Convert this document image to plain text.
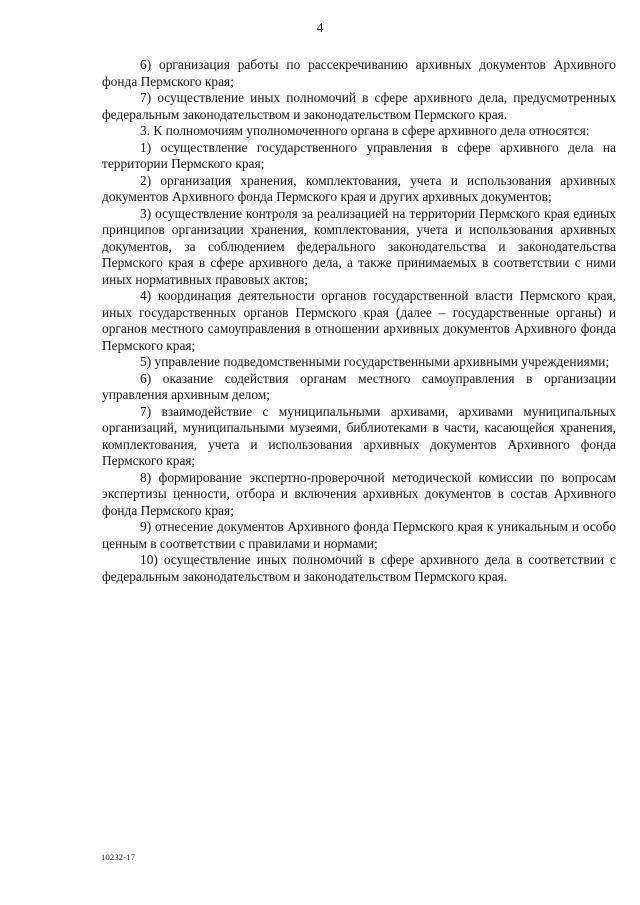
4

6) организация работы по рассекречиванию архивных документов Архивного фонда Пермского края;

7) осуществление иных полномочий в сфере архивного дела, предусмотренных федеральным законодательством и законодательством Пермского края.

3. К полномочиям уполномоченного органа в сфере архивного дела относятся:

1) осуществление государственного управления в сфере архивного дела на территории Пермского края;

2) организация хранения, комплектования, учета и использования архивных документов Архивного фонда Пермского края и других архивных документов;

3) осуществление контроля за реализацией на территории Пермского края единых принципов организации хранения, комплектования, учета и использования архивных документов, за соблюдением федерального законодательства и законодательства Пермского края в сфере архивного дела, а также принимаемых в соответствии с ними иных нормативных правовых актов;

4) координация деятельности органов государственной власти Пермского края, иных государственных органов Пермского края (далее – государственные органы) и органов местного самоуправления в отношении архивных документов Архивного фонда Пермского края;

5) управление подведомственными государственными архивными учреждениями;

6) оказание содействия органам местного самоуправления в организации управления архивным делом;

7) взаимодействие с муниципальными архивами, архивами муниципальных организаций, муниципальными музеями, библиотеками в части, касающейся хранения, комплектования, учета и использования архивных документов Архивного фонда Пермского края;

8) формирование экспертно-проверочной методической комиссии по вопросам экспертизы ценности, отбора и включения архивных документов в состав Архивного фонда Пермского края;

9) отнесение документов Архивного фонда Пермского края к уникальным и особо ценным в соответствии с правилами и нормами;

10) осуществление иных полномочий в сфере архивного дела в соответствии с федеральным законодательством и законодательством Пермского края.

10232-17
